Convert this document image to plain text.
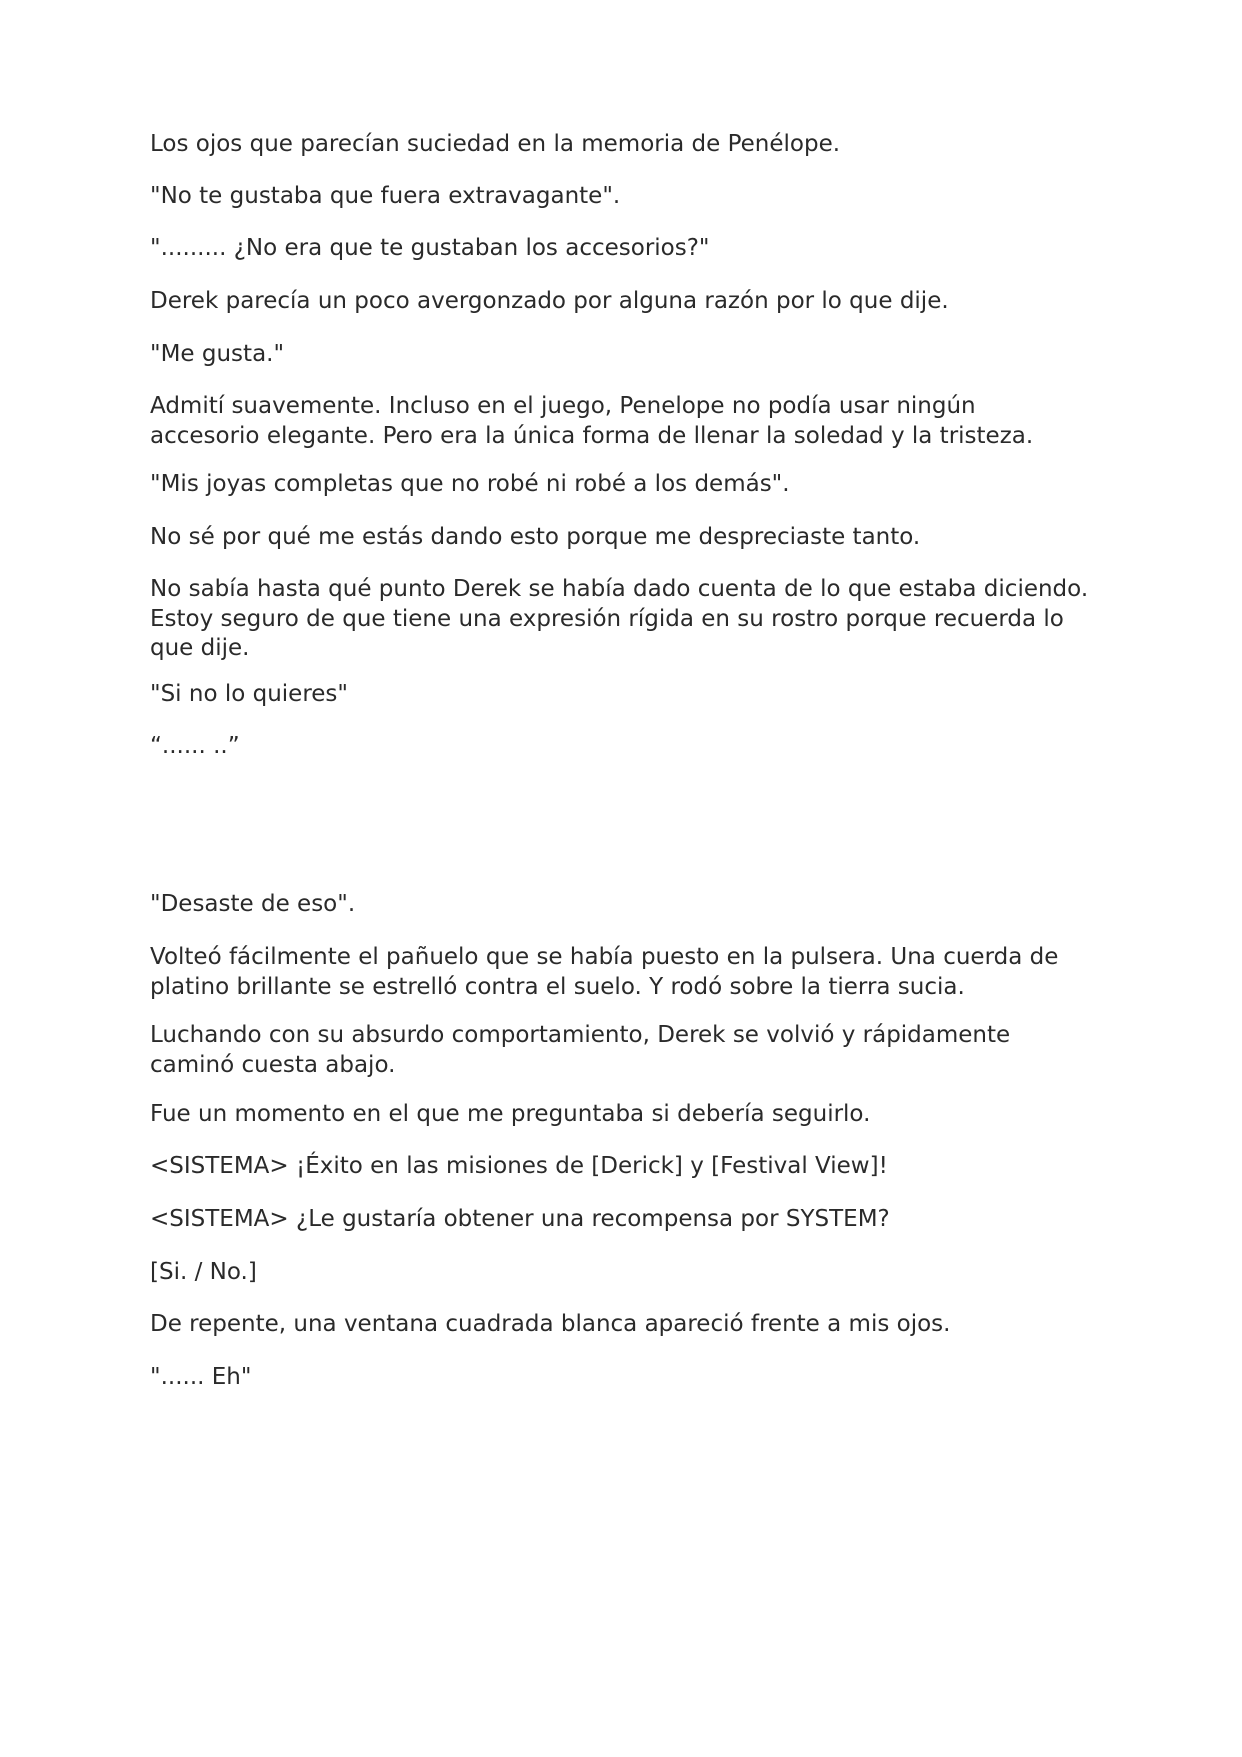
Los ojos que parecían suciedad en la memoria de Penélope.

"No te gustaba que fuera extravagante".

"......... ¿No era que te gustaban los accesorios?"

Derek parecía un poco avergonzado por alguna razón por lo que dije.

"Me gusta."

Admití suavemente. Incluso en el juego, Penelope no podía usar ningún accesorio elegante. Pero era la única forma de llenar la soledad y la tristeza.

"Mis joyas completas que no robé ni robé a los demás".

No sé por qué me estás dando esto porque me despreciaste tanto.

No sabía hasta qué punto Derek se había dado cuenta de lo que estaba diciendo. Estoy seguro de que tiene una expresión rígida en su rostro porque recuerda lo que dije.

"Si no lo quieres"

“...... ..”

"Desaste de eso".

Volteó fácilmente el pañuelo que se había puesto en la pulsera. Una cuerda de platino brillante se estrelló contra el suelo. Y rodó sobre la tierra sucia.

Luchando con su absurdo comportamiento, Derek se volvió y rápidamente caminó cuesta abajo.

Fue un momento en el que me preguntaba si debería seguirlo.

<SISTEMA> ¡Éxito en las misiones de [Derick] y [Festival View]!

<SISTEMA> ¿Le gustaría obtener una recompensa por SYSTEM?

[Si. / No.]

De repente, una ventana cuadrada blanca apareció frente a mis ojos.

"...... Eh"
